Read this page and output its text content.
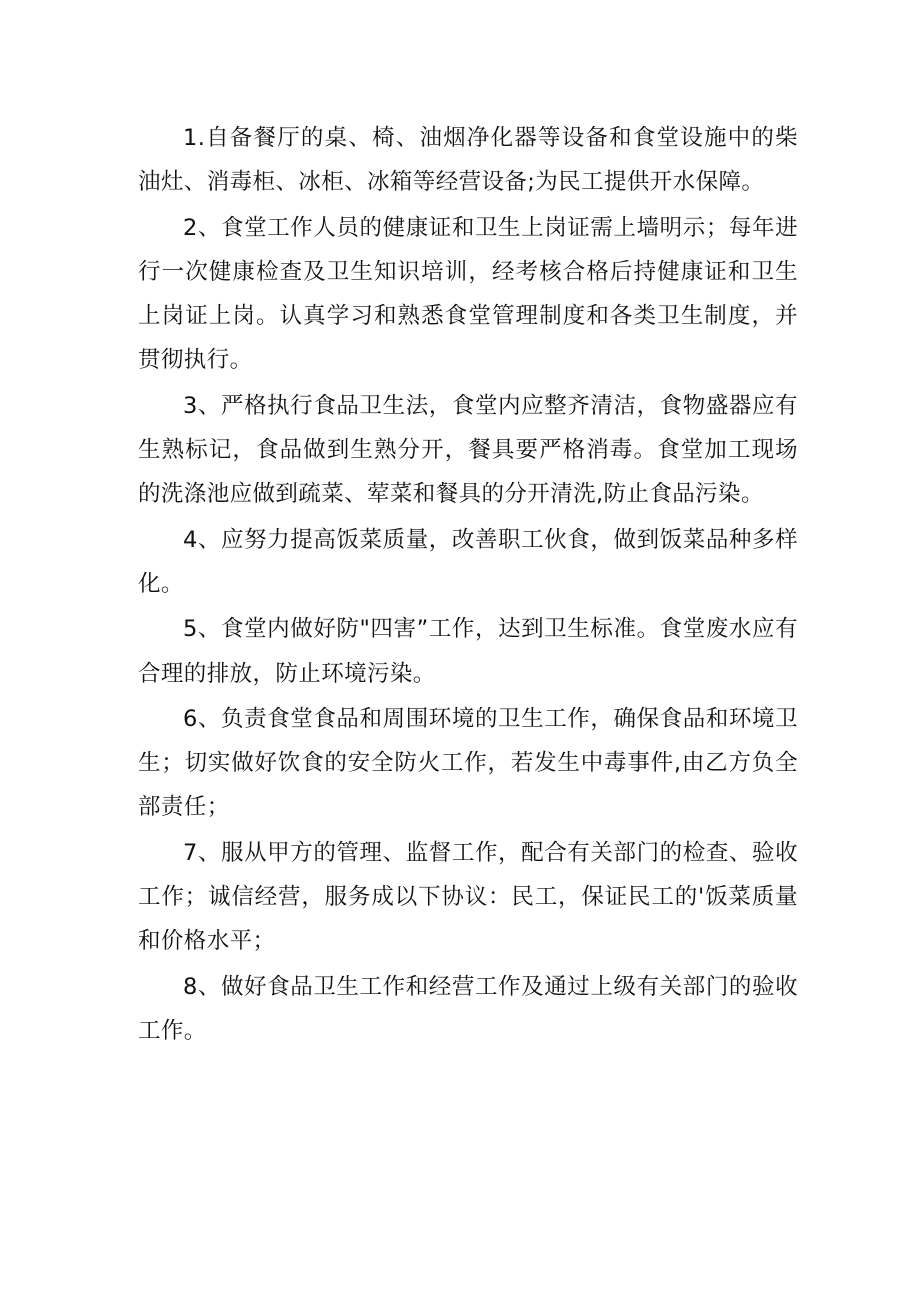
1.自备餐厅的桌、椅、油烟净化器等设备和食堂设施中的柴油灶、消毒柜、冰柜、冰箱等经营设备;为民工提供开水保障。

2、食堂工作人员的健康证和卫生上岗证需上墙明示；每年进行一次健康检查及卫生知识培训，经考核合格后持健康证和卫生上岗证上岗。认真学习和熟悉食堂管理制度和各类卫生制度，并贯彻执行。

3、严格执行食品卫生法，食堂内应整齐清洁，食物盛器应有生熟标记，食品做到生熟分开，餐具要严格消毒。食堂加工现场的洗涤池应做到疏菜、荤菜和餐具的分开清洗,防止食品污染。

4、应努力提高饭菜质量，改善职工伙食，做到饭菜品种多样化。

5、食堂内做好防"四害”工作，达到卫生标准。食堂废水应有合理的排放，防止环境污染。

6、负责食堂食品和周围环境的卫生工作，确保食品和环境卫生；切实做好饮食的安全防火工作，若发生中毒事件,由乙方负全部责任；

7、服从甲方的管理、监督工作，配合有关部门的检查、验收工作；诚信经营，服务成以下协议：民工，保证民工的'饭菜质量和价格水平；

8、做好食品卫生工作和经营工作及通过上级有关部门的验收工作。
